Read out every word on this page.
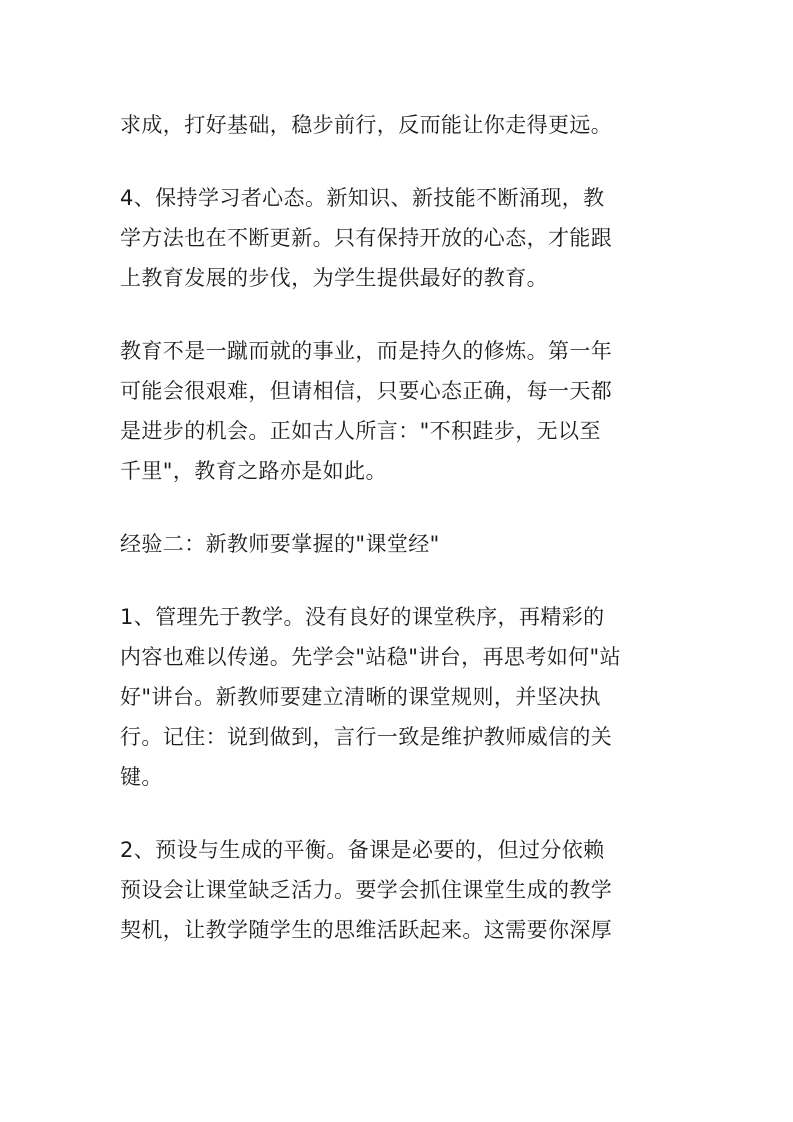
求成，打好基础，稳步前行，反而能让你走得更远。

4、保持学习者心态。新知识、新技能不断涌现，教
学方法也在不断更新。只有保持开放的心态，才能跟
上教育发展的步伐，为学生提供最好的教育。

教育不是一蹴而就的事业，而是持久的修炼。第一年
可能会很艰难，但请相信，只要心态正确，每一天都
是进步的机会。正如古人所言："不积跬步，无以至
千里"，教育之路亦是如此。

经验二：新教师要掌握的"课堂经"

1、管理先于教学。没有良好的课堂秩序，再精彩的
内容也难以传递。先学会"站稳"讲台，再思考如何"站
好"讲台。新教师要建立清晰的课堂规则，并坚决执
行。记住：说到做到，言行一致是维护教师威信的关
键。

2、预设与生成的平衡。备课是必要的，但过分依赖
预设会让课堂缺乏活力。要学会抓住课堂生成的教学
契机，让教学随学生的思维活跃起来。这需要你深厚
